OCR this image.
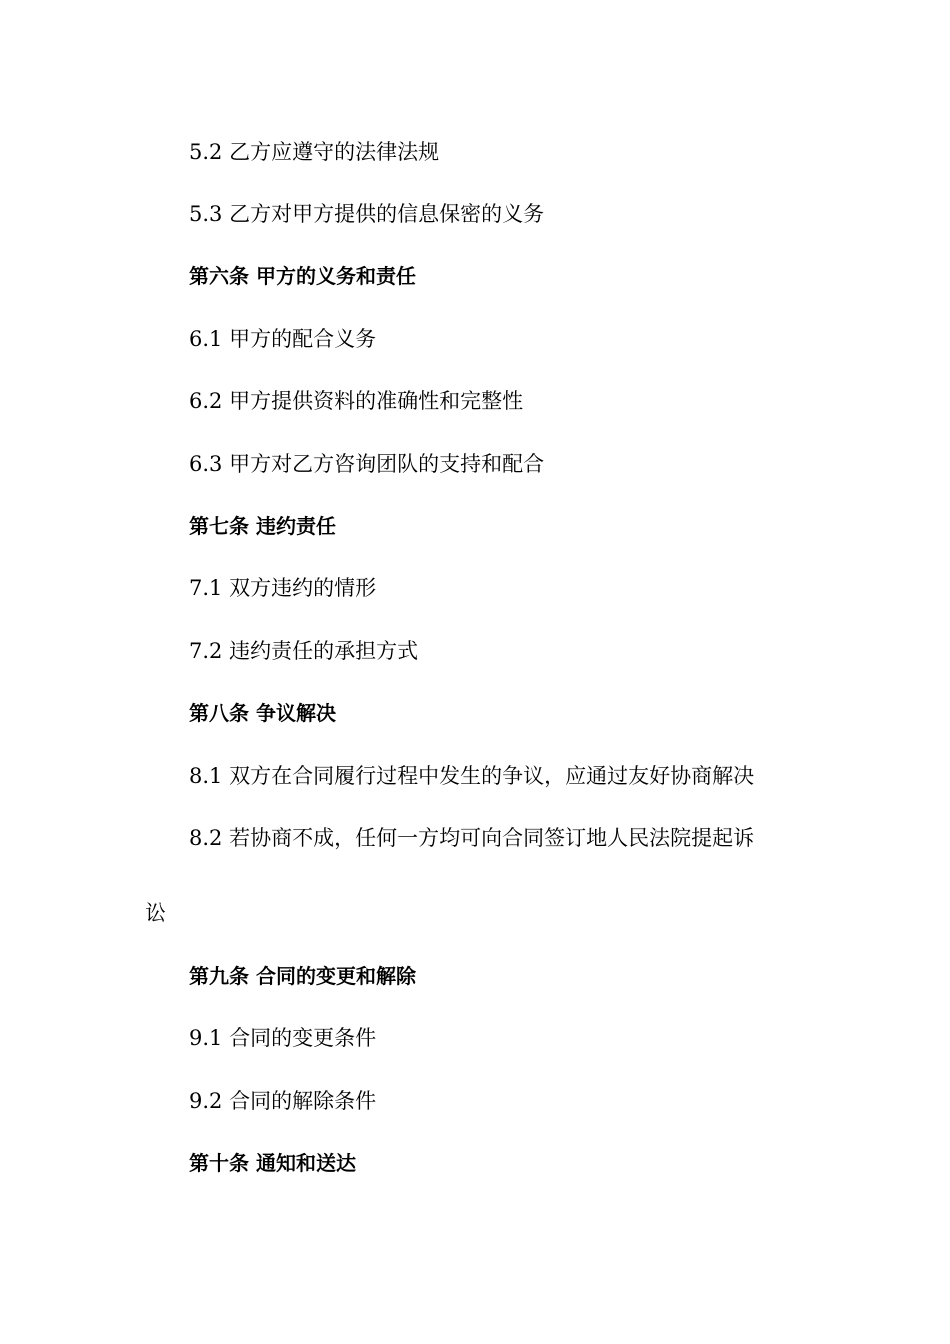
5.2 乙方应遵守的法律法规
5.3 乙方对甲方提供的信息保密的义务
第六条 甲方的义务和责任
6.1 甲方的配合义务
6.2 甲方提供资料的准确性和完整性
6.3 甲方对乙方咨询团队的支持和配合
第七条 违约责任
7.1 双方违约的情形
7.2 违约责任的承担方式
第八条 争议解决
8.1 双方在合同履行过程中发生的争议，应通过友好协商解决
8.2 若协商不成，任何一方均可向合同签订地人民法院提起诉
讼
第九条 合同的变更和解除
9.1 合同的变更条件
9.2 合同的解除条件
第十条 通知和送达
